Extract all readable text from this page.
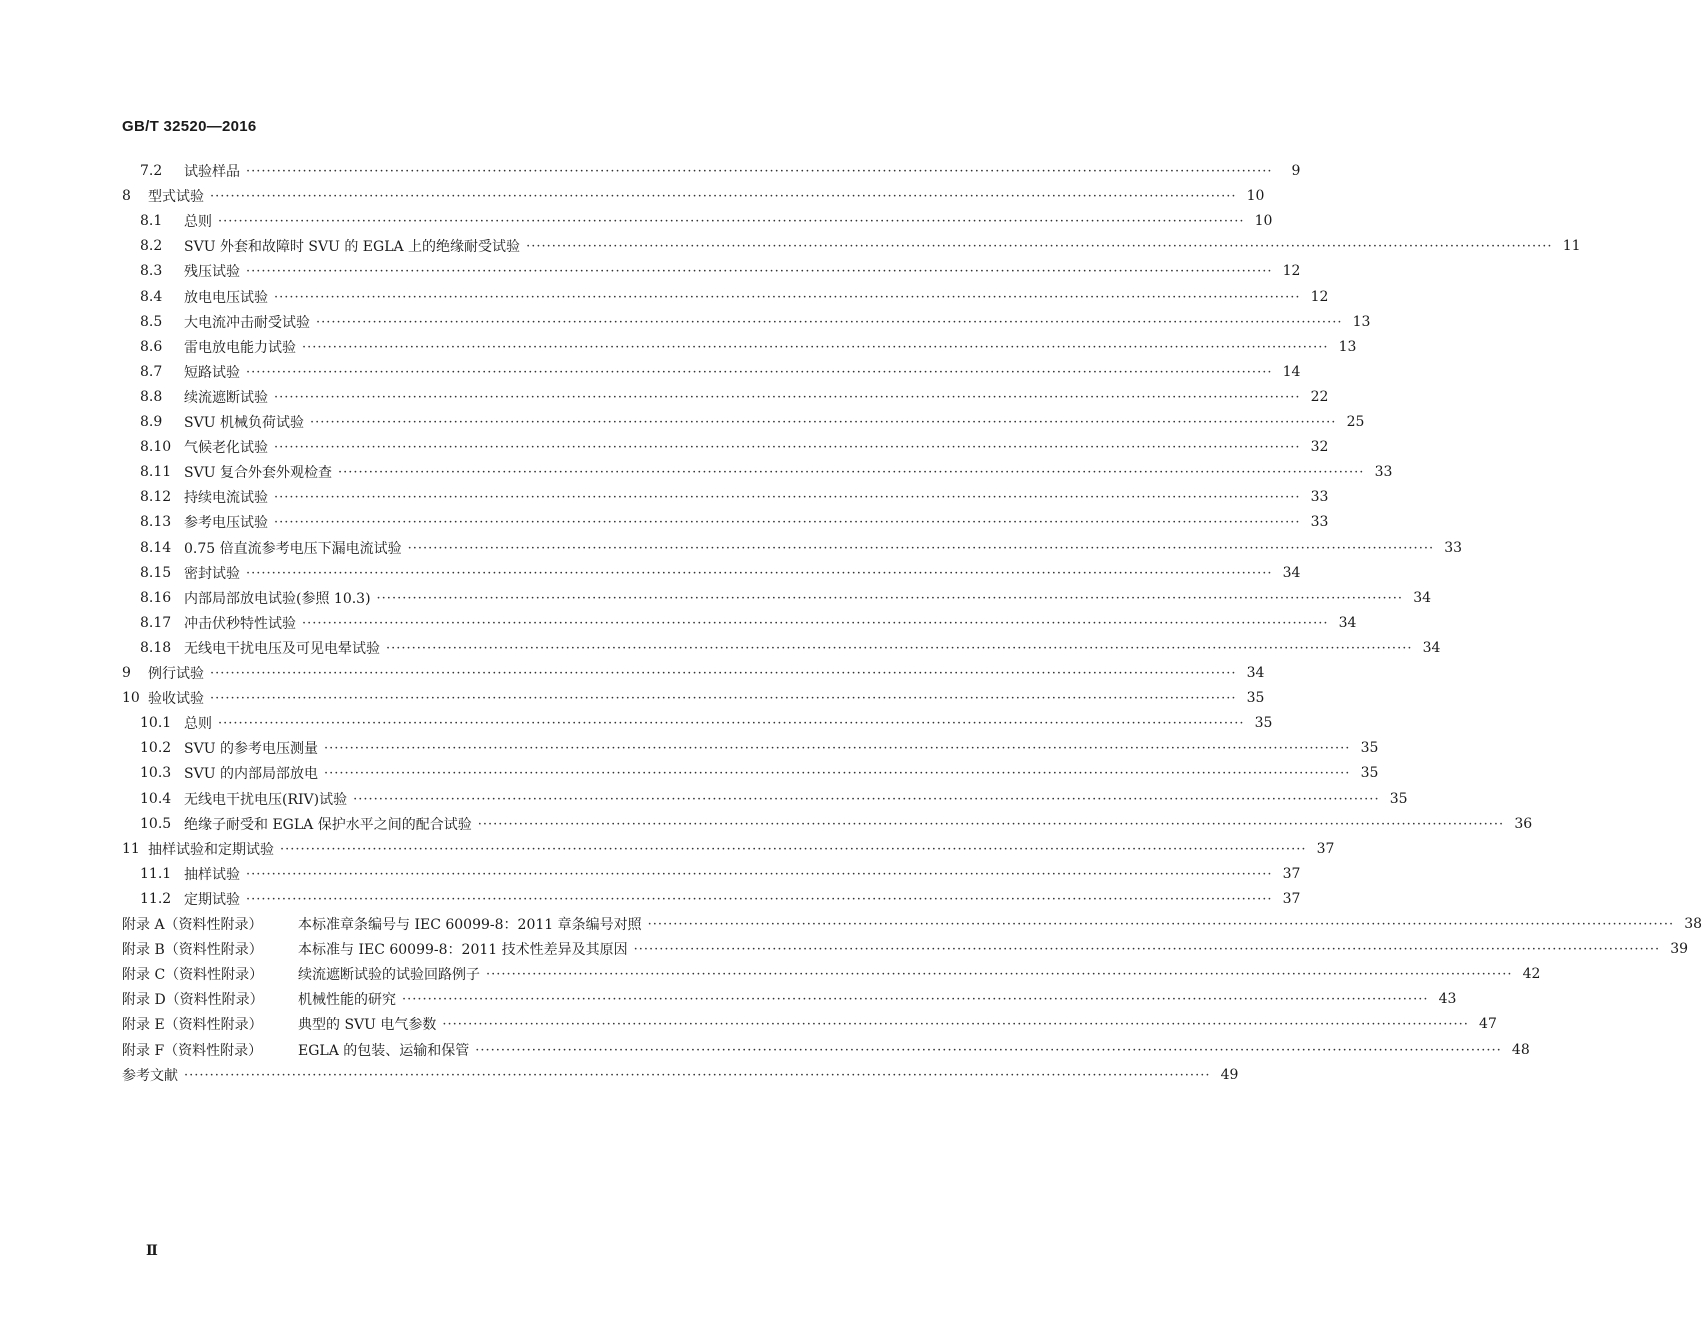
GB/T 32520—2016
7.2	试验样品 ········································································································································································································	9
8	型式试验 ········································································································································································································ 10
8.1	总则 ········································································································································································································ 10
8.2	SVU 外套和故障时 SVU 的 EGLA 上的绝缘耐受试验 ········································································································································································································ 11
8.3	残压试验 ········································································································································································································ 12
8.4	放电电压试验 ········································································································································································································ 12
8.5	大电流冲击耐受试验 ········································································································································································································ 13
8.6	雷电放电能力试验 ········································································································································································································ 13
8.7	短路试验 ········································································································································································································ 14
8.8	续流遮断试验 ········································································································································································································ 22
8.9	SVU 机械负荷试验 ········································································································································································································ 25
8.10 气候老化试验 ········································································································································································································ 32
8.11 SVU 复合外套外观检查 ········································································································································································································ 33
8.12 持续电流试验 ········································································································································································································ 33
8.13 参考电压试验 ········································································································································································································ 33
8.14 0.75 倍直流参考电压下漏电流试验 ········································································································································································································ 33
8.15 密封试验 ········································································································································································································ 34
8.16 内部局部放电试验(参照 10.3) ········································································································································································································ 34
8.17 冲击伏秒特性试验 ········································································································································································································ 34
8.18 无线电干扰电压及可见电晕试验 ········································································································································································································ 34
9	例行试验 ········································································································································································································ 34
10 验收试验 ········································································································································································································ 35
10.1 总则 ········································································································································································································ 35
10.2 SVU 的参考电压测量 ········································································································································································································ 35
10.3 SVU 的内部局部放电 ········································································································································································································ 35
10.4 无线电干扰电压(RIV)试验 ········································································································································································································ 35
10.5 绝缘子耐受和 EGLA 保护水平之间的配合试验 ········································································································································································································ 36
11 抽样试验和定期试验 ········································································································································································································ 37
11.1 抽样试验 ········································································································································································································ 37
11.2 定期试验 ········································································································································································································ 37
附录 A（资料性附录）	本标准章条编号与 IEC 60099-8：2011 章条编号对照 ········································································································································································································ 38
附录 B（资料性附录）	本标准与 IEC 60099-8：2011 技术性差异及其原因 ········································································································································································································ 39
附录 C（资料性附录）	续流遮断试验的试验回路例子 ········································································································································································································ 42
附录 D（资料性附录）	机械性能的研究 ········································································································································································································ 43
附录 E（资料性附录）	典型的 SVU 电气参数 ········································································································································································································ 47
附录 F（资料性附录）	EGLA 的包装、运输和保管 ········································································································································································································ 48
参考文献 ········································································································································································································ 49
Ⅱ
